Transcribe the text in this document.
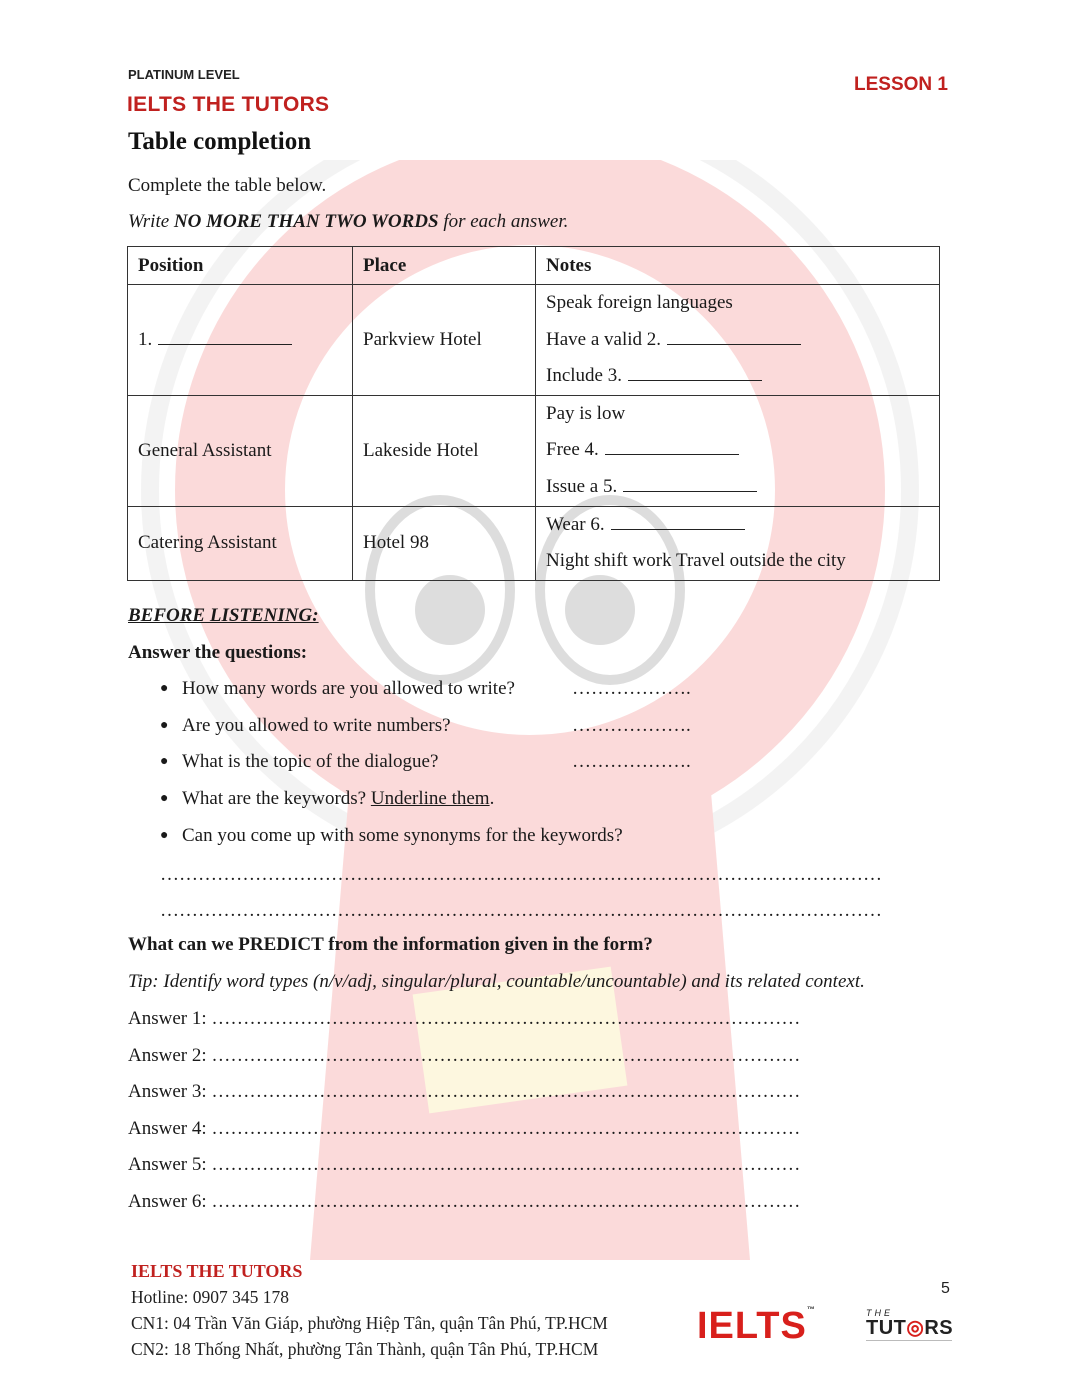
PLATINUM LEVEL
IELTS THE TUTORS
LESSON 1
Table completion
Complete the table below.
Write NO MORE THAN TWO WORDS for each answer.
Position	Place	Notes
1.	Parkview Hotel	Speak foreign languages
Have a valid 2.
Include 3.

General Assistant	Lakeside Hotel	Pay is low
Free 4.
Issue a 5.

Catering Assistant	Hotel 98	Wear 6.
Night shift work Travel outside the city
BEFORE LISTENING:
Answer the questions:
● How many words are you allowed to write?	……………….
● Are you allowed to write numbers?	……………….
● What is the topic of the dialogue?	……………….
● What are the keywords? Underline them.
● Can you come up with some synonyms for the keywords?
……………………………………………………………………………………………………
……………………………………………………………………………………………………
What can we PREDICT from the information given in the form?
Tip: Identify word types (n/v/adj, singular/plural, countable/uncountable) and its related context.
Answer 1: …………………………………………………………………………………
Answer 2: …………………………………………………………………………………
Answer 3: …………………………………………………………………………………
Answer 4: …………………………………………………………………………………
Answer 5: …………………………………………………………………………………
Answer 6: …………………………………………………………………………………
IELTS THE TUTORS
Hotline: 0907 345 178
CN1: 04 Trần Văn Giáp, phường Hiệp Tân, quận Tân Phú, TP.HCM
CN2: 18 Thống Nhất, phường Tân Thành, quận Tân Phú, TP.HCM
5
IELTS™	THE
TUT◎RS
